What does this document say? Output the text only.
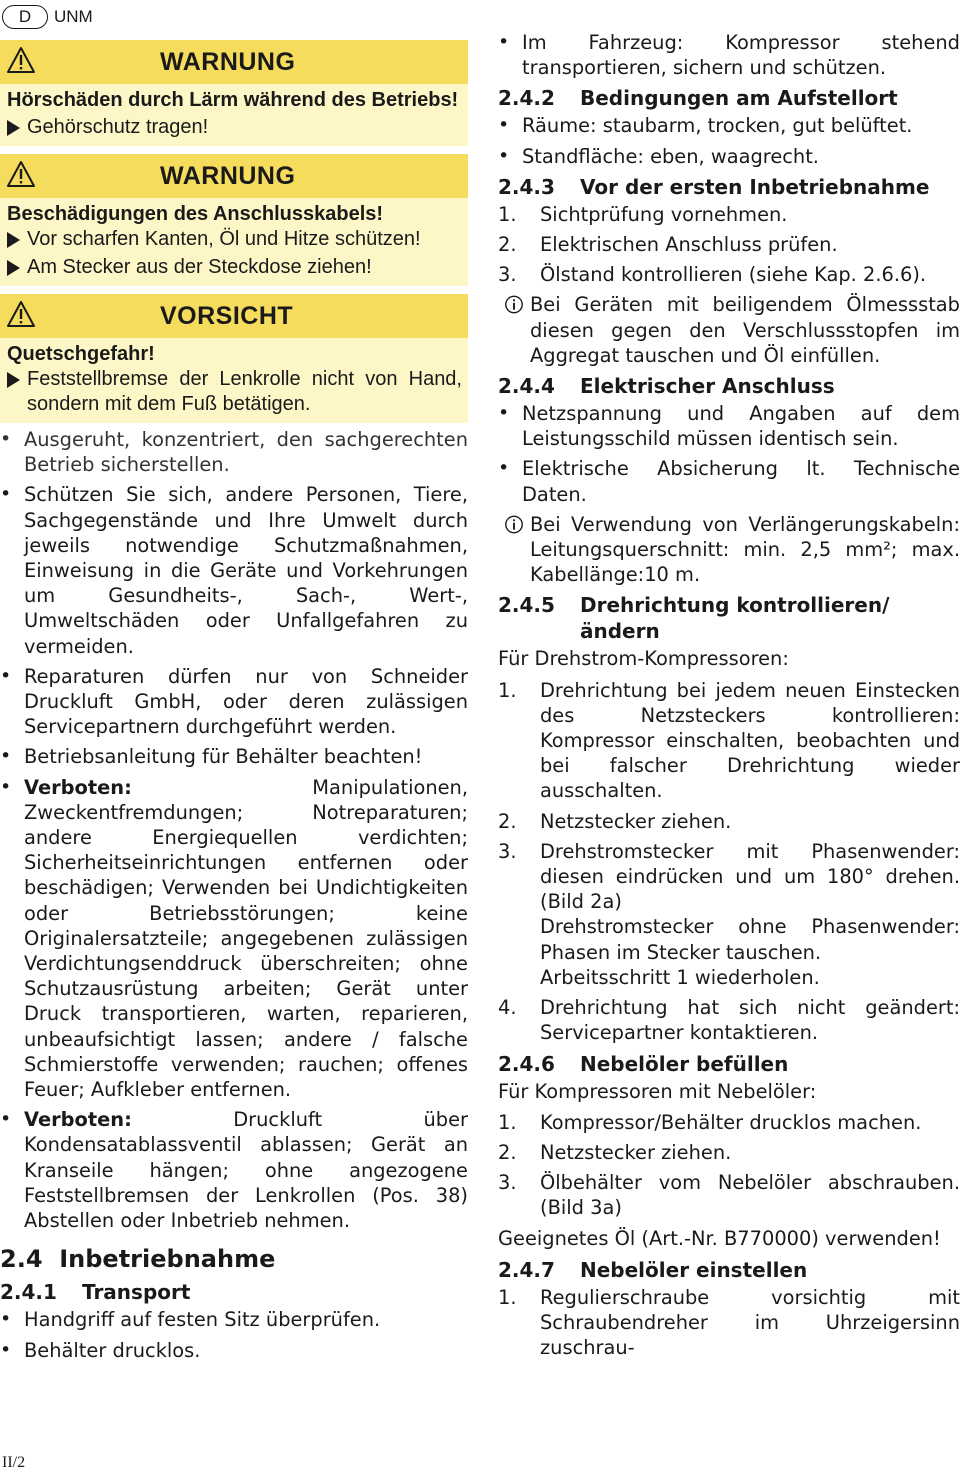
D UNM
WARNUNG
Hörschäden durch Lärm während des Betriebs!
Gehörschutz tragen!
WARNUNG
Beschädigungen des Anschlusskabels!
Vor scharfen Kanten, Öl und Hitze schützen!
Am Stecker aus der Steckdose ziehen!
VORSICHT
Quetschgefahr!
Feststellbremse der Lenkrolle nicht von Hand, sondern mit dem Fuß betätigen.
• Ausgeruht, konzentriert, den sachgerechten Betrieb sicherstellen.
• Schützen Sie sich, andere Personen, Tiere, Sachgegenstände und Ihre Umwelt durch jeweils notwendige Schutzmaßnahmen, Einweisung in die Geräte und Vorkehrungen um Gesundheits-, Sach-, Wert-, Umweltschäden oder Unfallgefahren zu vermeiden.
• Reparaturen dürfen nur von Schneider Druckluft GmbH, oder deren zulässigen Servicepartnern durchgeführt werden.
• Betriebsanleitung für Behälter beachten!
• Verboten: Manipulationen, Zweckentfremdungen; Notreparaturen; andere Energiequellen verdichten; Sicherheitseinrichtungen entfernen oder beschädigen; Verwenden bei Undichtigkeiten oder Betriebsstörungen; keine Originalersatzteile; angegebenen zulässigen Verdichtungsenddruck überschreiten; ohne Schutzausrüstung arbeiten; Gerät unter Druck transportieren, warten, reparieren, unbeaufsichtigt lassen; andere / falsche Schmierstoffe verwenden; rauchen; offenes Feuer; Aufkleber entfernen.
• Verboten: Druckluft über Kondensatablassventil ablassen; Gerät an Kranseile hängen; ohne angezogene Feststellbremsen der Lenkrollen (Pos. 38) Abstellen oder Inbetrieb nehmen.
2.4 Inbetriebnahme
2.4.1	Transport
• Handgriff auf festen Sitz überprüfen.
• Behälter drucklos.
• Im Fahrzeug: Kompressor stehend transportieren, sichern und schützen.
2.4.2	Bedingungen am Aufstellort
• Räume: staubarm, trocken, gut belüftet.
• Standfläche: eben, waagrecht.
2.4.3	Vor der ersten Inbetriebnahme
1.	Sichtprüfung vornehmen.
2.	Elektrischen Anschluss prüfen.
3.	Ölstand kontrollieren (siehe Kap. 2.6.6).
Bei Geräten mit beiligendem Ölmessstab diesen gegen den Verschlussstopfen im Aggregat tauschen und Öl einfüllen.
2.4.4	Elektrischer Anschluss
• Netzspannung und Angaben auf dem Leistungsschild müssen identisch sein.
• Elektrische Absicherung lt. Technische Daten.
Bei Verwendung von Verlängerungskabeln: Leitungsquerschnitt: min. 2,5 mm²; max. Kabellänge:10 m.
2.4.5	Drehrichtung kontrollieren/ändern
Für Drehstrom-Kompressoren:
1.	Drehrichtung bei jedem neuen Einstecken des Netzsteckers kontrollieren: Kompressor einschalten, beobachten und bei falscher Drehrichtung wieder ausschalten.
2.	Netzstecker ziehen.
3.	Drehstromstecker mit Phasenwender: diesen eindrücken und um 180° drehen. (Bild 2a)
Drehstromstecker ohne Phasenwender: Phasen im Stecker tauschen.
Arbeitsschritt 1 wiederholen.
4.	Drehrichtung hat sich nicht geändert: Servicepartner kontaktieren.
2.4.6	Nebelöler befüllen
Für Kompressoren mit Nebelöler:
1.	Kompressor/Behälter drucklos machen.
2.	Netzstecker ziehen.
3.	Ölbehälter vom Nebelöler abschrauben. (Bild 3a)
Geeignetes Öl (Art.-Nr. B770000) verwenden!
2.4.7	Nebelöler einstellen
1.	Regulierschraube vorsichtig mit Schraubendreher im Uhrzeigersinn zuschrau-
II/2
